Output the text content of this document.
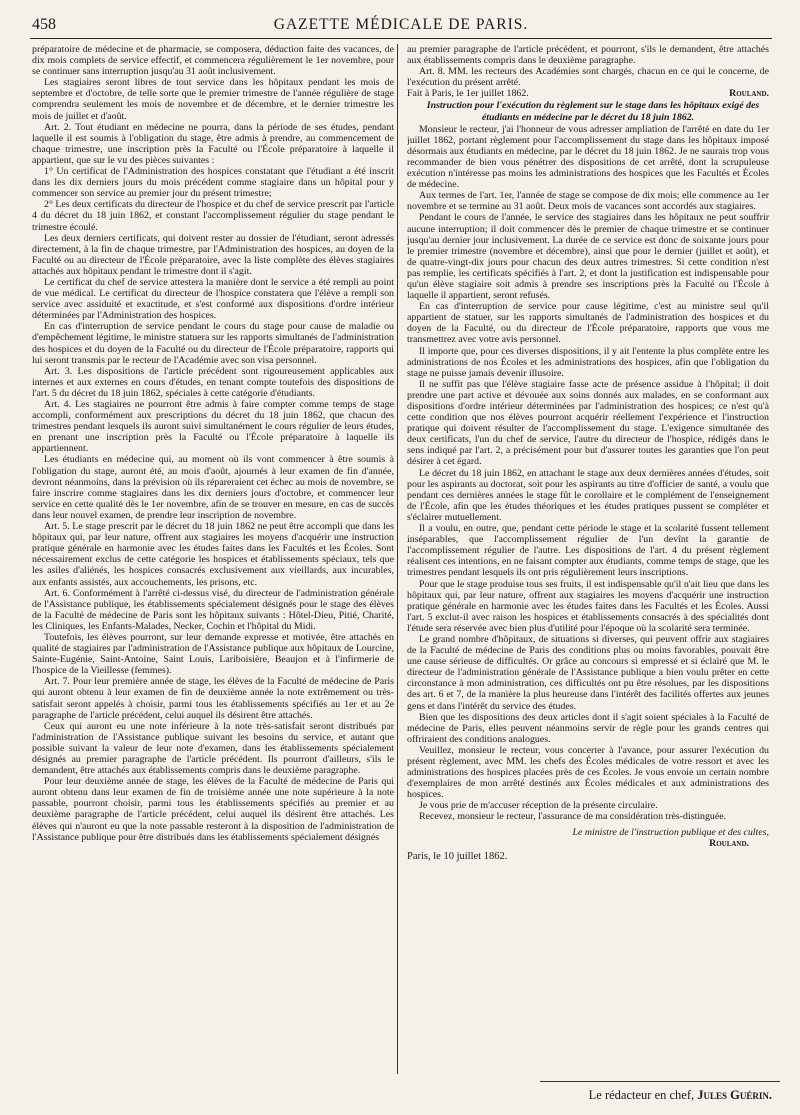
458	GAZETTE MÉDICALE DE PARIS.

préparatoire de médecine et de pharmacie, se composera, déduction faite des vacances, de dix mois complets de service effectif, et commencera régulièrement le 1er novembre, pour se continuer sans interruption jusqu'au 31 août inclusivement.

Les stagiaires seront libres de tout service dans les hôpitaux pendant les mois de septembre et d'octobre, de telle sorte que le premier trimestre de l'année régulière de stage comprendra seulement les mois de novembre et de décembre, et le dernier trimestre les mois de juillet et d'août.

Art. 2. Tout étudiant en médecine ne pourra, dans la période de ses études, pendant laquelle il est soumis à l'obligation du stage, être admis à prendre, au commencement de chaque trimestre, une inscription près la Faculté ou l'École préparatoire à laquelle il appartient, que sur le vu des pièces suivantes :

1° Un certificat de l'Administration des hospices constatant que l'étudiant a été inscrit dans les dix derniers jours du mois précédent comme stagiaire dans un hôpital pour y commencer son service au premier jour du présent trimestre;

2° Les deux certificats du directeur de l'hospice et du chef de service prescrit par l'article 4 du décret du 18 juin 1862, et constant l'accomplissement régulier du stage pendant le trimestre écoulé.

Les deux derniers certificats, qui doivent rester au dossier de l'étudiant, seront adressés directement, à la fin de chaque trimestre, par l'Administration des hospices, au doyen de la Faculté ou au directeur de l'École préparatoire, avec la liste complète des élèves stagiaires attachés aux hôpitaux pendant le trimestre dont il s'agit.

Le certificat du chef de service attestera la manière dont le service a été rempli au point de vue médical. Le certificat du directeur de l'hospice constatera que l'élève a rempli son service avec assiduité et exactitude, et s'est conformé aux dispositions d'ordre intérieur déterminées par l'Administration des hospices.

En cas d'interruption de service pendant le cours du stage pour cause de maladie ou d'empêchement légitime, le ministre statuera sur les rapports simultanés de l'administration des hospices et du doyen de la Faculté ou du directeur de l'École préparatoire, rapports qui lui seront transmis par le recteur de l'Académie avec son visa personnel.

Art. 3. Les dispositions de l'article précédent sont rigoureusement applicables aux internes et aux externes en cours d'études, en tenant compte toutefois des dispositions de l'art. 5 du décret du 18 juin 1862, spéciales à cette catégorie d'étudiants.

Art. 4. Les stagiaires ne pourront être admis à faire compter comme temps de stage accompli, conformément aux prescriptions du décret du 18 juin 1862, que chacun des trimestres pendant lesquels ils auront suivi simultanément le cours régulier de leurs études, en prenant une inscription près la Faculté ou l'École préparatoire à laquelle ils appartiennent.

Les étudiants en médecine qui, au moment où ils vont commencer à être soumis à l'obligation du stage, auront été, au mois d'août, ajournés à leur examen de fin d'année, devront néanmoins, dans la prévision où ils répareraient cet échec au mois de novembre, se faire inscrire comme stagiaires dans les dix derniers jours d'octobre, et commencer leur service en cette qualité dès le 1er novembre, afin de se trouver en mesure, en cas de succès dans leur nouvel examen, de prendre leur inscription de novembre.

Art. 5. Le stage prescrit par le décret du 18 juin 1862 ne peut être accompli que dans les hôpitaux qui, par leur nature, offrent aux stagiaires les moyens d'acquérir une instruction pratique générale en harmonie avec les études faites dans les Facultés et les Écoles. Sont nécessairement exclus de cette catégorie les hospices et établissements spéciaux, tels que les asiles d'aliénés, les hospices consacrés exclusivement aux vieillards, aux incurables, aux enfants assistés, aux accouchements, les prisons, etc.

Art. 6. Conformément à l'arrêté ci-dessus visé, du directeur de l'administration générale de l'Assistance publique, les établissements spécialement désignés pour le stage des élèves de la Faculté de médecine de Paris sont les hôpitaux suivants : Hôtel-Dieu, Pitié, Charité, les Cliniques, les Enfants-Malades, Necker, Cochin et l'hôpital du Midi.

Toutefois, les élèves pourront, sur leur demande expresse et motivée, être attachés en qualité de stagiaires par l'administration de l'Assistance publique aux hôpitaux de Lourcine, Sainte-Eugénie, Saint-Antoine, Saint Louis, Lariboisière, Beaujon et à l'infirmerie de l'hospice de la Vieillesse (femmes).

Art. 7. Pour leur première année de stage, les élèves de la Faculté de médecine de Paris qui auront obtenu à leur examen de fin de deuxième année la note extrêmement ou très-satisfait seront appelés à choisir, parmi tous les établissements spécifiés au 1er et au 2e paragraphe de l'article précédent, celui auquel ils désirent être attachés.

Ceux qui auront eu une note inférieure à la note très-satisfait seront distribués par l'administration de l'Assistance publique suivant les besoins du service, et autant que possible suivant la valeur de leur note d'examen, dans les établissements spécialement désignés au premier paragraphe de l'article précédent. Ils pourront d'ailleurs, s'ils le demandent, être attachés aux établissements compris dans le deuxième paragraphe.

Pour leur deuxième année de stage, les élèves de la Faculté de médecine de Paris qui auront obtenu dans leur examen de fin de troisième année une note supérieure à la note passable, pourront choisir, parmi tous les établissements spécifiés au premier et au deuxième paragraphe de l'article précédent, celui auquel ils désirent être attachés. Les élèves qui n'auront eu que la note passable resteront à la disposition de l'administration de l'Assistance publique pour être distribués dans les établissements spécialement désignés

au premier paragraphe de l'article précédent, et pourront, s'ils le demandent, être attachés aux établissements compris dans le deuxième paragraphe.

Art. 8. MM. les recteurs des Académies sont chargés, chacun en ce qui le concerne, de l'exécution du présent arrêté.

Rouland.
Fait à Paris, le 1er juillet 1862.

Instruction pour l'exécution du règlement sur le stage dans les hôpitaux exigé des étudiants en médecine par le décret du 18 juin 1862.

Monsieur le recteur, j'ai l'honneur de vous adresser ampliation de l'arrêté en date du 1er juillet 1862, portant règlement pour l'accomplissement du stage dans les hôpitaux imposé désormais aux étudiants en médecine, par le décret du 18 juin 1862. Je ne saurais trop vous recommander de bien vous pénétrer des dispositions de cet arrêté, dont la scrupuleuse exécution n'intéresse pas moins les administrations des hospices que les Facultés et Écoles de médecine.

Aux termes de l'art. 1er, l'année de stage se compose de dix mois; elle commence au 1er novembre et se termine au 31 août. Deux mois de vacances sont accordés aux stagiaires.

Pendant le cours de l'année, le service des stagiaires dans les hôpitaux ne peut souffrir aucune interruption; il doit commencer dès le premier de chaque trimestre et se continuer jusqu'au dernier jour inclusivement. La durée de ce service est donc de soixante jours pour le premier trimestre (novembre et décembre), ainsi que pour le dernier (juillet et août), et de quatre-vingt-dix jours pour chacun des deux autres trimestres. Si cette condition n'est pas remplie, les certificats spécifiés à l'art. 2, et dont la justification est indispensable pour qu'un élève stagiaire soit admis à prendre ses inscriptions près la Faculté ou l'École à laquelle il appartient, seront refusés.

En cas d'interruption de service pour cause légitime, c'est au ministre seul qu'il appartient de statuer, sur les rapports simultanés de l'administration des hospices et du doyen de la Faculté, ou du directeur de l'École préparatoire, rapports que vous me transmettrez avec votre avis personnel.

Il importe que, pour ces diverses dispositions, il y ait l'entente la plus complète entre les administrations de nos Écoles et les administrations des hospices, afin que l'obligation du stage ne puisse jamais devenir illusoire.

Il ne suffit pas que l'élève stagiaire fasse acte de présence assidue à l'hôpital; il doit prendre une part active et dévouée aux soins donnés aux malades, en se conformant aux dispositions d'ordre intérieur déterminées par l'administration des hospices; ce n'est qu'à cette condition que nos élèves pourront acquérir réellement l'expérience et l'instruction pratique qui doivent résulter de l'accomplissement du stage. L'exigence simultanée des deux certificats, l'un du chef de service, l'autre du directeur de l'hospice, rédigés dans le sens indiqué par l'art. 2, a précisément pour but d'assurer toutes les garanties que l'on peut désirer à cet égard.

Le décret du 18 juin 1862, en attachant le stage aux deux dernières années d'études, soit pour les aspirants au doctorat, soit pour les aspirants au titre d'officier de santé, a voulu que pendant ces dernières années le stage fût le corollaire et le complément de l'enseignement de l'École, afin que les études théoriques et les études pratiques pussent se compléter et s'éclairer mutuellement.

Il a voulu, en outre, que, pendant cette période le stage et la scolarité fussent tellement inséparables, que l'accomplissement régulier de l'un devînt la garantie de l'accomplissement régulier de l'autre. Les dispositions de l'art. 4 du présent règlement réalisent ces intentions, en ne faisant compter aux étudiants, comme temps de stage, que les trimestres pendant lesquels ils ont pris régulièrement leurs inscriptions.

Pour que le stage produise tous ses fruits, il est indispensable qu'il n'ait lieu que dans les hôpitaux qui, par leur nature, offrent aux stagiaires les moyens d'acquérir une instruction pratique générale en harmonie avec les études faites dans les Facultés et les Écoles. Aussi l'art. 5 exclut-il avec raison les hospices et établissements consacrés à des spécialités dont l'étude sera réservée avec bien plus d'utilité pour l'époque où la scolarité sera terminée.

Le grand nombre d'hôpitaux, de situations si diverses, qui peuvent offrir aux stagiaires de la Faculté de médecine de Paris des conditions plus ou moins favorables, pouvait être une cause sérieuse de difficultés. Or grâce au concours si empressé et si éclairé que M. le directeur de l'administration générale de l'Assistance publique a bien voulu prêter en cette circonstance à mon administration, ces difficultés ont pu être résolues, par les dispositions des art. 6 et 7, de la manière la plus heureuse dans l'intérêt des facilités offertes aux jeunes gens et dans l'intérêt du service des études.

Bien que les dispositions des deux articles dont il s'agit soient spéciales à la Faculté de médecine de Paris, elles peuvent néanmoins servir de règle pour les grands centres qui offriraient des conditions analogues.

Veuillez, monsieur le recteur, vous concerter à l'avance, pour assurer l'exécution du présent règlement, avec MM. les chefs des Écoles médicales de votre ressort et avec les administrations des hospices placées près de ces Écoles. Je vous envoie un certain nombre d'exemplaires de mon arrêté destinés aux Écoles médicales et aux administrations des hospices.

Je vous prie de m'accuser réception de la présente circulaire.

Recevez, monsieur le recteur, l'assurance de ma considération très-distinguée.

Le ministre de l'instruction publique et des cultes,

Rouland.

Paris, le 10 juillet 1862.

Le rédacteur en chef, Jules Guérin.
